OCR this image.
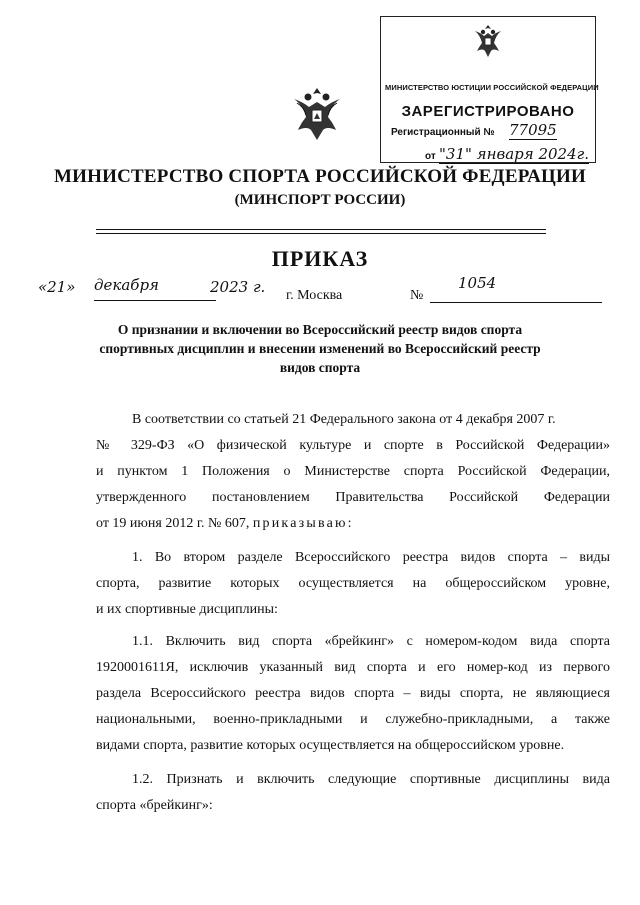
МИНИСТЕРСТВО ЮСТИЦИИ РОССИЙСКОЙ ФЕДЕРАЦИИ
ЗАРЕГИСТРИРОВАНО
Регистрационный № 77095
от "31" января 2024г.
МИНИСТЕРСТВО СПОРТА РОССИЙСКОЙ ФЕДЕРАЦИИ
(МИНСПОРТ РОССИИ)
ПРИКАЗ
«21» декабря	2023 г. г. Москва	№
1054
О признании и включении во Всероссийский реестр видов спорта
спортивных дисциплин и внесении изменений во Всероссийский реестр
видов спорта
В соответствии со статьей 21 Федерального закона от 4 декабря 2007 г.
№ 329-ФЗ «О физической культуре и спорте в Российской Федерации»
и пунктом 1 Положения о Министерстве спорта Российской Федерации,
утвержденного постановлением Правительства Российской Федерации
от 19 июня 2012 г. № 607, приказываю:
1. Во втором разделе Всероссийского реестра видов спорта – виды
спорта, развитие которых осуществляется на общероссийском уровне,
и их спортивные дисциплины:
1.1. Включить вид спорта «брейкинг» с номером-кодом вида спорта
1920001611Я, исключив указанный вид спорта и его номер-код из первого
раздела Всероссийского реестра видов спорта – виды спорта, не являющиеся
национальными, военно-прикладными и служебно-прикладными, а также
видами спорта, развитие которых осуществляется на общероссийском уровне.
1.2. Признать и включить следующие спортивные дисциплины вида
спорта «брейкинг»:
